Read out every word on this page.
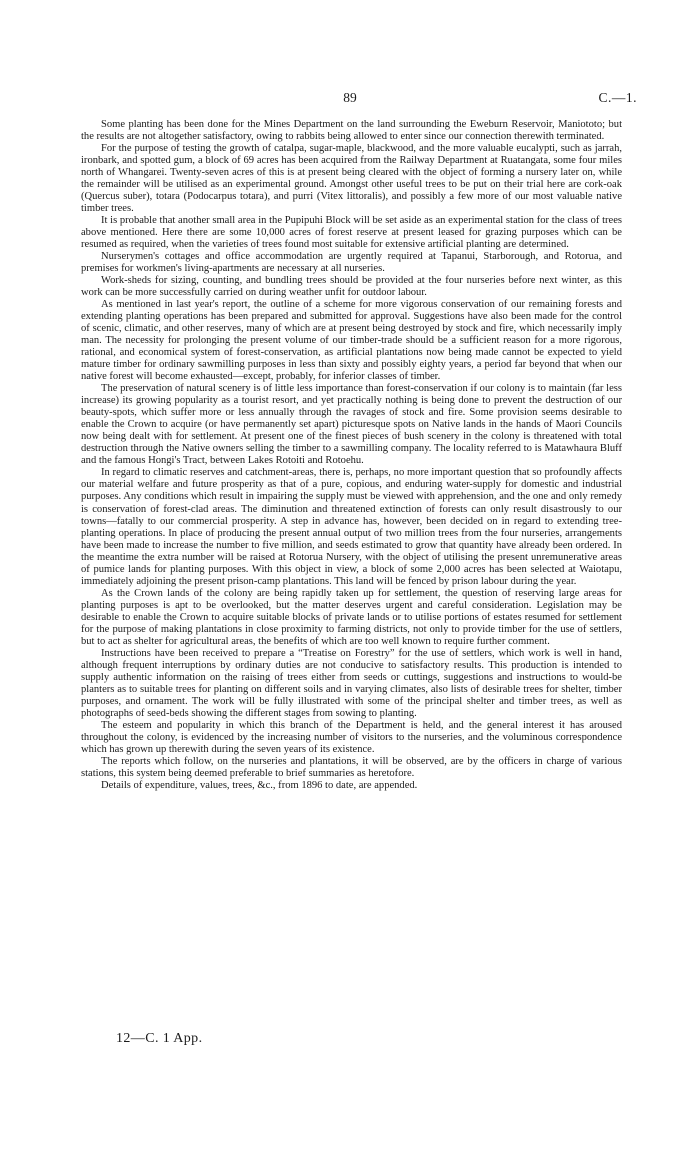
89	C.—1.

Some planting has been done for the Mines Department on the land surrounding the Eweburn Reservoir, Maniototo; but the results are not altogether satisfactory, owing to rabbits being allowed to enter since our connection therewith terminated.

For the purpose of testing the growth of catalpa, sugar-maple, blackwood, and the more valuable eucalypti, such as jarrah, ironbark, and spotted gum, a block of 69 acres has been acquired from the Railway Department at Ruatangata, some four miles north of Whangarei. Twenty-seven acres of this is at present being cleared with the object of forming a nursery later on, while the remainder will be utilised as an experimental ground. Amongst other useful trees to be put on their trial here are cork-oak (Quercus suber), totara (Podocarpus totara), and purri (Vitex littoralis), and possibly a few more of our most valuable native timber trees.

It is probable that another small area in the Pupipuhi Block will be set aside as an experimental station for the class of trees above mentioned. Here there are some 10,000 acres of forest reserve at present leased for grazing purposes which can be resumed as required, when the varieties of trees found most suitable for extensive artificial planting are determined.

Nurserymen's cottages and office accommodation are urgently required at Tapanui, Starborough, and Rotorua, and premises for workmen's living-apartments are necessary at all nurseries.

Work-sheds for sizing, counting, and bundling trees should be provided at the four nurseries before next winter, as this work can be more successfully carried on during weather unfit for outdoor labour.

As mentioned in last year's report, the outline of a scheme for more vigorous conservation of our remaining forests and extending planting operations has been prepared and submitted for approval. Suggestions have also been made for the control of scenic, climatic, and other reserves, many of which are at present being destroyed by stock and fire, which necessarily imply man. The necessity for prolonging the present volume of our timber-trade should be a sufficient reason for a more rigorous, rational, and economical system of forest-conservation, as artificial plantations now being made cannot be expected to yield mature timber for ordinary sawmilling purposes in less than sixty and possibly eighty years, a period far beyond that when our native forest will become exhausted—except, probably, for inferior classes of timber.

The preservation of natural scenery is of little less importance than forest-conservation if our colony is to maintain (far less increase) its growing popularity as a tourist resort, and yet practically nothing is being done to prevent the destruction of our beauty-spots, which suffer more or less annually through the ravages of stock and fire. Some provision seems desirable to enable the Crown to acquire (or have permanently set apart) picturesque spots on Native lands in the hands of Maori Councils now being dealt with for settlement. At present one of the finest pieces of bush scenery in the colony is threatened with total destruction through the Native owners selling the timber to a sawmilling company. The locality referred to is Matawhaura Bluff and the famous Hongi's Tract, between Lakes Rotoiti and Rotoehu.

In regard to climatic reserves and catchment-areas, there is, perhaps, no more important question that so profoundly affects our material welfare and future prosperity as that of a pure, copious, and enduring water-supply for domestic and industrial purposes. Any conditions which result in impairing the supply must be viewed with apprehension, and the one and only remedy is conservation of forest-clad areas. The diminution and threatened extinction of forests can only result disastrously to our towns—fatally to our commercial prosperity. A step in advance has, however, been decided on in regard to extending tree-planting operations. In place of producing the present annual output of two million trees from the four nurseries, arrangements have been made to increase the number to five million, and seeds estimated to grow that quantity have already been ordered. In the meantime the extra number will be raised at Rotorua Nursery, with the object of utilising the present unremunerative areas of pumice lands for planting purposes. With this object in view, a block of some 2,000 acres has been selected at Waiotapu, immediately adjoining the present prison-camp plantations. This land will be fenced by prison labour during the year.

As the Crown lands of the colony are being rapidly taken up for settlement, the question of reserving large areas for planting purposes is apt to be overlooked, but the matter deserves urgent and careful consideration. Legislation may be desirable to enable the Crown to acquire suitable blocks of private lands or to utilise portions of estates resumed for settlement for the purpose of making plantations in close proximity to farming districts, not only to provide timber for the use of settlers, but to act as shelter for agricultural areas, the benefits of which are too well known to require further comment.

Instructions have been received to prepare a “Treatise on Forestry” for the use of settlers, which work is well in hand, although frequent interruptions by ordinary duties are not conducive to satisfactory results. This production is intended to supply authentic information on the raising of trees either from seeds or cuttings, suggestions and instructions to would-be planters as to suitable trees for planting on different soils and in varying climates, also lists of desirable trees for shelter, timber purposes, and ornament. The work will be fully illustrated with some of the principal shelter and timber trees, as well as photographs of seed-beds showing the different stages from sowing to planting.

The esteem and popularity in which this branch of the Department is held, and the general interest it has aroused throughout the colony, is evidenced by the increasing number of visitors to the nurseries, and the voluminous correspondence which has grown up therewith during the seven years of its existence.

The reports which follow, on the nurseries and plantations, it will be observed, are by the officers in charge of various stations, this system being deemed preferable to brief summaries as heretofore.

Details of expenditure, values, trees, &c., from 1896 to date, are appended.

12—C. 1 App.
